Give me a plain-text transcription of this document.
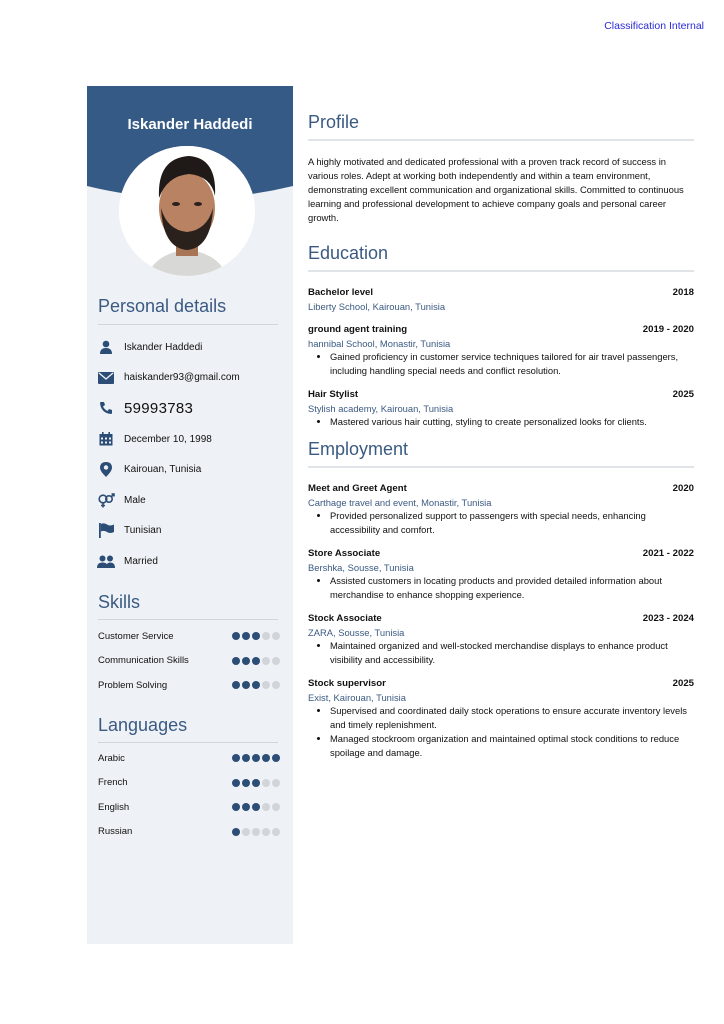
Classification Internal
Iskander Haddedi
Personal details
Iskander Haddedi
haiskander93@gmail.com
59993783
December 10, 1998
Kairouan, Tunisia
Male
Tunisian
Married
Skills
Customer Service
Communication Skills
Problem Solving
Languages
Arabic
French
English
Russian
Profile
A highly motivated and dedicated professional with a proven track record of success in various roles. Adept at working both independently and within a team environment, demonstrating excellent communication and organizational skills. Committed to continuous learning and professional development to achieve company goals and personal career growth.
Education
Bachelor level	2018
Liberty School, Kairouan, Tunisia
ground agent training	2019 - 2020
hannibal School, Monastir, Tunisia
• Gained proficiency in customer service techniques tailored for air travel passengers, including handling special needs and conflict resolution.
Hair Stylist	2025
Stylish academy, Kairouan, Tunisia
• Mastered various hair cutting, styling to create personalized looks for clients.
Employment
Meet and Greet Agent	2020
Carthage travel and event, Monastir, Tunisia
• Provided personalized support to passengers with special needs, enhancing accessibility and comfort.
Store Associate	2021 - 2022
Bershka, Sousse, Tunisia
• Assisted customers in locating products and provided detailed information about merchandise to enhance shopping experience.
Stock Associate	2023 - 2024
ZARA, Sousse, Tunisia
• Maintained organized and well-stocked merchandise displays to enhance product visibility and accessibility.
Stock supervisor	2025
Exist, Kairouan, Tunisia
• Supervised and coordinated daily stock operations to ensure accurate inventory levels and timely replenishment.
• Managed stockroom organization and maintained optimal stock conditions to reduce spoilage and damage.
